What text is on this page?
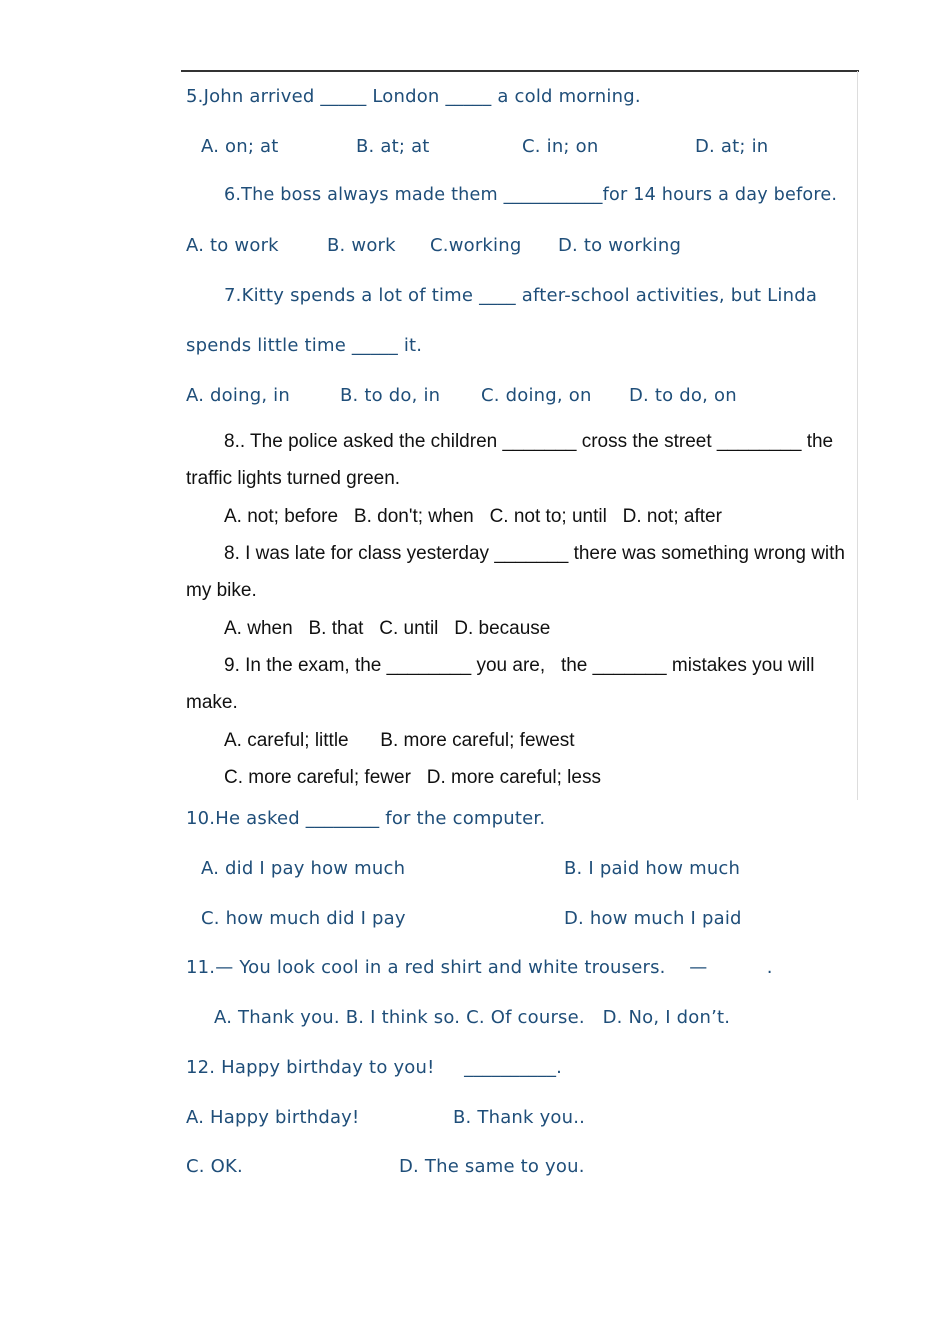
5.John arrived _____ London _____ a cold morning.
A. on; at	B. at; at	C. in; on	D. at; in
6.The boss always made them ___________for 14 hours a day before.
A. to work	B. work C.working D. to working
7.Kitty spends a lot of time ____ after-school activities, but Linda
spends little time _____ it.
A. doing, in	B. to do, in C. doing, on D. to do, on
8.. The police asked the children _______ cross the street ________ the
traffic lights turned green.
A. not; before   B. don't; when   C. not to; until   D. not; after
8. I was late for class yesterday _______ there was something wrong with
my bike.
A. when   B. that   C. until   D. because
9. In the exam, the ________ you are,   the _______ mistakes you will
make.
A. careful; little      B. more careful; fewest
C. more careful; fewer   D. more careful; less
10.He asked ________ for the computer.
A. did I pay how much	B. I paid how much
C. how much did I pay	D. how much I paid
11.— You look cool in a red shirt and white trousers.    —          .
A. Thank you. B. I think so. C. Of course.   D. No, I don’t.
12. Happy birthday to you!     __________.
A. Happy birthday!	B. Thank you..
C. OK.	D. The same to you.
